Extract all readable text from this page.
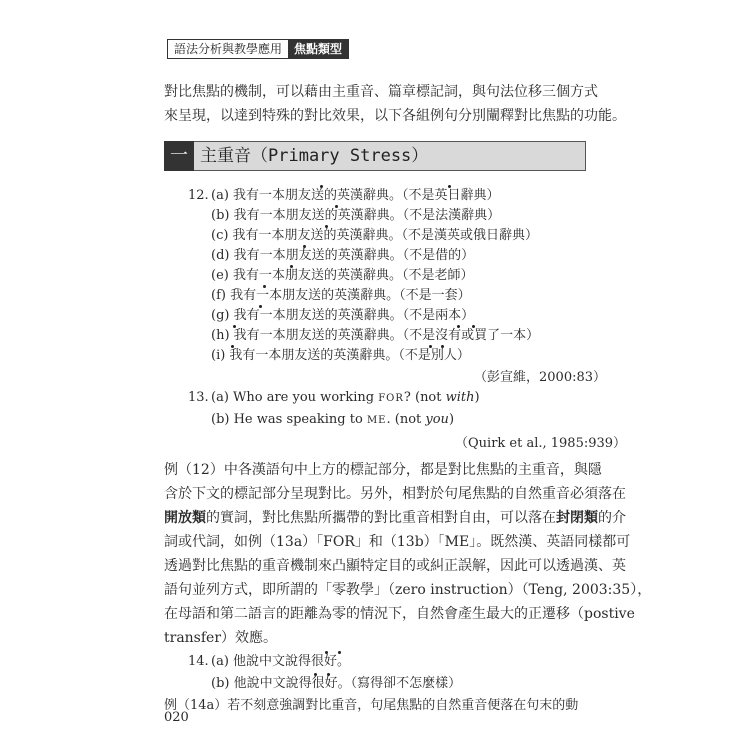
語法分析與教學應用	焦點類型
對比焦點的機制，可以藉由主重音、篇章標記詞，與句法位移三個方式
來呈現，以達到特殊的對比效果，以下各組例句分別闡釋對比焦點的功能。
一 主重音（Primary Stress）
12. (a) 我有一本朋友送的英漢辭典。（不是英日辭典）
(b) 我有一本朋友送的英漢辭典。（不是法漢辭典）
(c) 我有一本朋友送的英漢辭典。（不是漢英或俄日辭典）
(d) 我有一本朋友送的英漢辭典。（不是借的）
(e) 我有一本朋友送的英漢辭典。（不是老師）
(f) 我有一本朋友送的英漢辭典。（不是一套）
(g) 我有一本朋友送的英漢辭典。（不是兩本）
(h) 我有一本朋友送的英漢辭典。（不是沒有或買了一本）
(i) 我有一本朋友送的英漢辭典。（不是別人）
（彭宣維，2000:83）
13. (a) Who are you working FOR? (not with)
(b) He was speaking to ME. (not you)
（Quirk et al., 1985:939）
例（12）中各漢語句中上方的標記部分，都是對比焦點的主重音，與隱
含於下文的標記部分呈現對比。另外，相對於句尾焦點的自然重音必須落在
開放類的實詞，對比焦點所攜帶的對比重音相對自由，可以落在封閉類的介
詞或代詞，如例（13a）「FOR」和（13b）「ME」。既然漢、英語同樣都可
透過對比焦點的重音機制來凸顯特定目的或糾正誤解，因此可以透過漢、英
語句並列方式，即所謂的「零教學」（zero instruction）（Teng, 2003:35），
在母語和第二語言的距離為零的情況下，自然會產生最大的正遷移（postive
transfer）效應。
14. (a) 他說中文說得很好。
(b) 他說中文說得很好。（寫得卻不怎麼樣）
例（14a）若不刻意強調對比重音，句尾焦點的自然重音便落在句末的動
020
